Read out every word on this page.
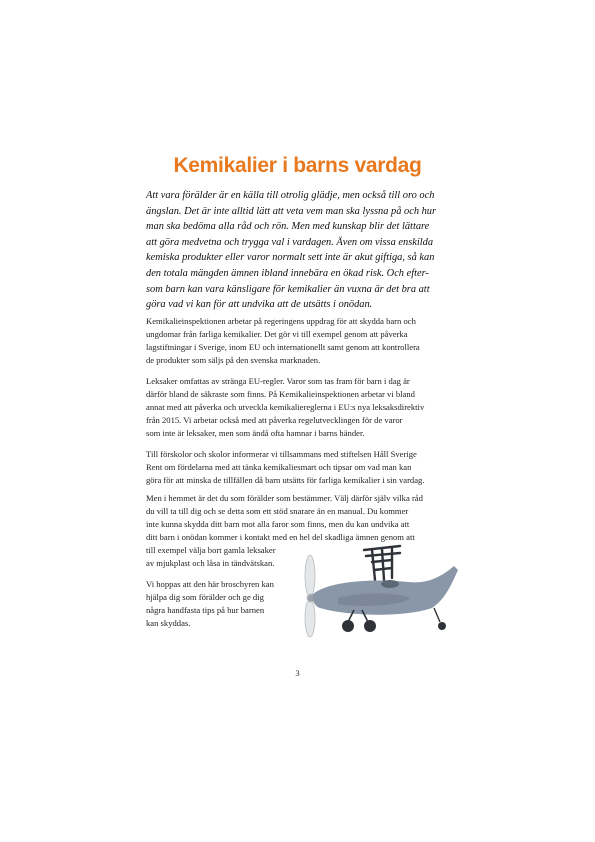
Kemikalier i barns vardag

Att vara förälder är en källa till otrolig glädje, men också till oro och
ängslan. Det är inte alltid lätt att veta vem man ska lyssna på och hur
man ska bedöma alla råd och rön. Men med kunskap blir det lättare
att göra medvetna och trygga val i vardagen. Även om vissa enskilda
kemiska produkter eller varor normalt sett inte är akut giftiga, så kan
den totala mängden ämnen ibland innebära en ökad risk. Och efter-
som barn kan vara känsligare för kemikalier än vuxna är det bra att
göra vad vi kan för att undvika att de utsätts i onödan.

Kemikalieinspektionen arbetar på regeringens uppdrag för att skydda barn och
ungdomar från farliga kemikalier. Det gör vi till exempel genom att påverka
lagstiftningar i Sverige, inom EU och internationellt samt genom att kontrollera
de produkter som säljs på den svenska marknaden.

Leksaker omfattas av stränga EU-regler. Varor som tas fram för barn i dag är
därför bland de säkraste som finns. På Kemikalieinspektionen arbetar vi bland
annat med att påverka och utveckla kemikaliereglerna i EU:s nya leksaksdirektiv
från 2015. Vi arbetar också med att påverka regelutvecklingen för de varor
som inte är leksaker, men som ändå ofta hamnar i barns händer.

Till förskolor och skolor informerar vi tillsammans med stiftelsen Håll Sverige
Rent om fördelarna med att tänka kemikaliesmart och tipsar om vad man kan
göra för att minska de tillfällen då barn utsätts för farliga kemikalier i sin vardag.

Men i hemmet är det du som förälder som bestämmer. Välj därför själv vilka råd
du vill ta till dig och se detta som ett stöd snarare än en manual. Du kommer
inte kunna skydda ditt barn mot alla faror som finns, men du kan undvika att
ditt barn i onödan kommer i kontakt med en hel del skadliga ämnen genom att
till exempel välja bort gamla leksaker
av mjukplast och låsa in tändvätskan.

Vi hoppas att den här broschyren kan
hjälpa dig som förälder och ge dig
några handfasta tips på hur barnen
kan skyddas.

3
